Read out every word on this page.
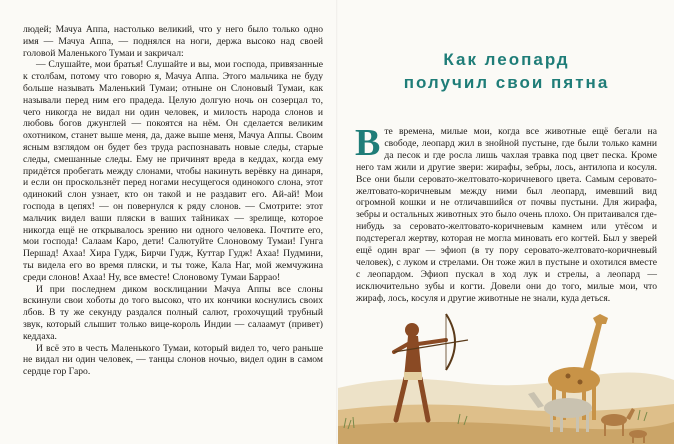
людей; Мачуа Аппа, настолько великий, что у него было только одно имя — Мачуа Аппа, — поднялся на ноги, держа высоко над своей головой Маленького Тумаи и закричал:

— Слушайте, мои братья! Слушайте и вы, мои господа, привязанные к столбам, потому что говорю я, Мачуа Аппа. Этого мальчика не буду больше называть Маленький Тумаи; отныне он Слоновый Тумаи, как называли перед ним его прадеда. Целую долгую ночь он созерцал то, чего никогда не видал ни один человек, и милость народа слонов и любовь богов джунглей — покоятся на нём. Он сделается великим охотником, станет выше меня, да, даже выше меня, Мачуа Аппы. Своим ясным взглядом он будет без труда распознавать новые следы, старые следы, смешанные следы. Ему не причинят вреда в кеддах, когда ему придётся пробегать между слонами, чтобы накинуть верёвку на динаря, и если он проскользнёт перед ногами несущегося одинокого слона, этот одинокий слон узнает, кто он такой и не раздавит его. Ай-ай! Мои господа в цепях! — он повернулся к ряду слонов. — Смотрите: этот мальчик видел ваши пляски в ваших тайниках — зрелище, которое никогда ещё не открывалось зрению ни одного человека. Почтите его, мои господа! Салаам Каро, дети! Салютуйте Слоновому Тумаи! Гунга Першад! Ахаа! Хира Гудж, Бирчи Гудж, Куттар Гудж! Ахаа! Пудмини, ты видела его во время пляски, и ты тоже, Кала Наг, мой жемчужина среди слонов! Ахаа! Ну, все вместе! Слоновому Тумаи Барраo!

И при последнем диком восклицании Мачуа Аппы все слоны вскинули свои хоботы до того высоко, что их кончики коснулись своих лбов. В ту же секунду раздался полный салют, грохочущий трубный звук, который слышит только вице-король Индии — салаамут (привет) кеддаха.

И всё это в честь Маленького Тумаи, который видел то, чего раньше не видал ни один человек, — танцы слонов ночью, видел один в самом сердце гор Гаро.

Как леопард

получил свои пятна

Вте времена, милые мои, когда все животные ещё бегали на свободе, леопард жил в знойной пустыне, где были только камни да песок и где росла лишь чахлая травка под цвет песка. Кроме него там жили и другие звери: жирафы, зебры, лось, антилопа и косуля. Все они были серовато-желтовато-коричневого цвета. Самым серовато-желтовато-коричневым между ними был леопард, имевший вид огромной кошки и не отличавшийся от почвы пустыни. Для жирафа, зебры и остальных животных это было очень плохо. Он притаивался где-нибудь за серовато-желтовато-коричневым камнем или утёсом и подстерегал жертву, которая не могла миновать его когтей. Был у зверей ещё один враг — эфиоп (в ту пору серовато-желтовато-коричневый человек), с луком и стрелами. Он тоже жил в пустыне и охотился вместе с леопардом. Эфиоп пускал в ход лук и стрелы, а леопард — исключительно зубы и когти. Довели они до того, милые мои, что жираф, лось, косуля и другие животные не знали, куда деться.
